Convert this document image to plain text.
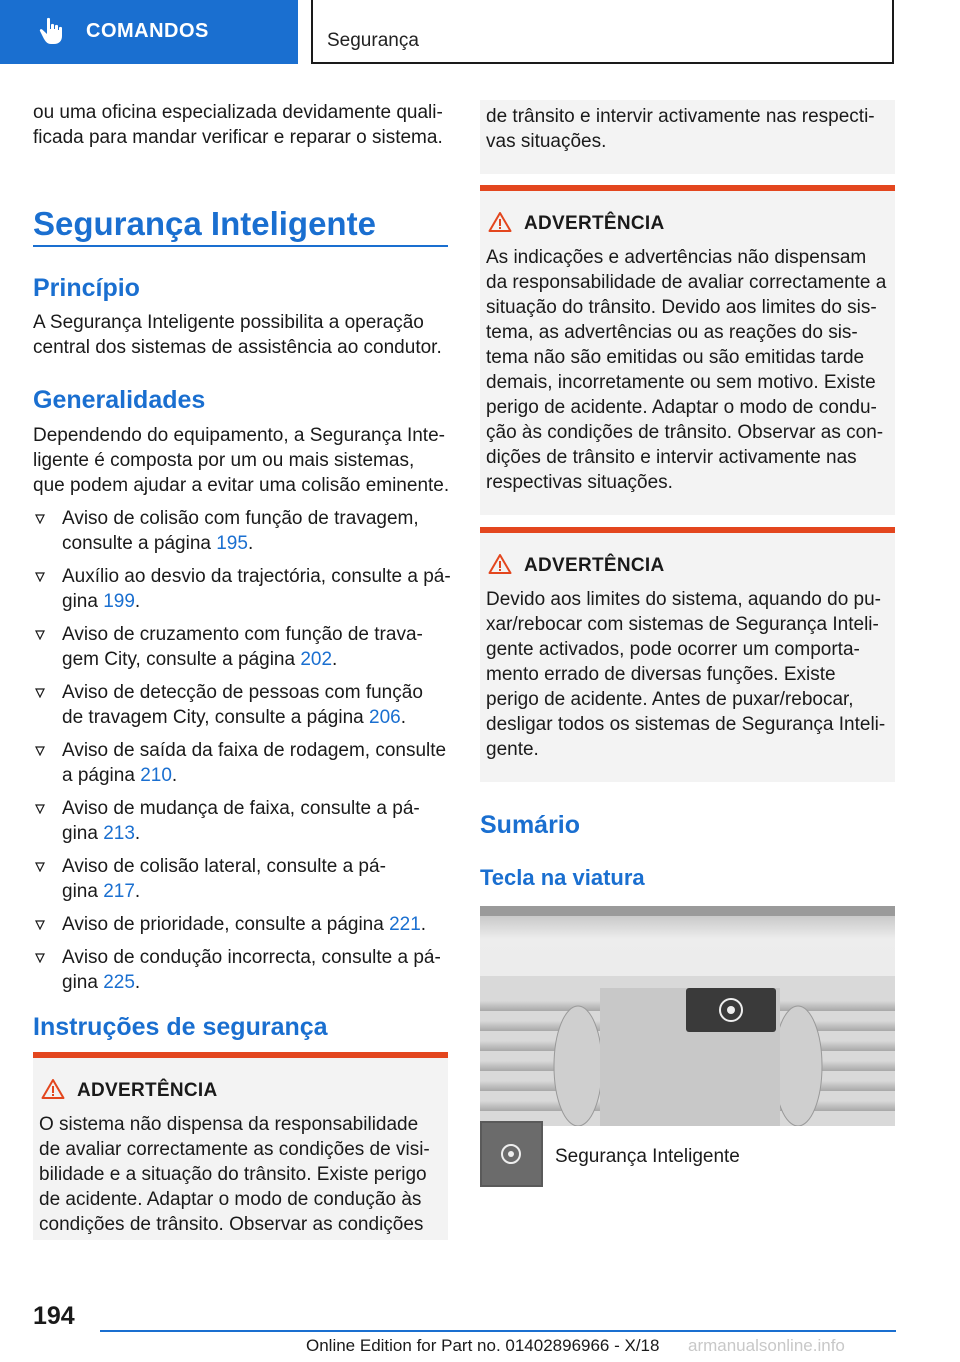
COMANDOS	Segurança

ou uma oficina especializada devidamente quali-

ficada para mandar verificar e reparar o sistema.

Segurança Inteligente
Princípio

A Segurança Inteligente possibilita a operação

central dos sistemas de assistência ao condutor.

Generalidades

Dependendo do equipamento, a Segurança Inte-

ligente é composta por um ou mais sistemas,

que podem ajudar a evitar uma colisão eminente.

Aviso de colisão com função de travagem,
consulte a página 195.
Auxílio ao desvio da trajectória, consulte a pá-
gina 199.
Aviso de cruzamento com função de trava-
gem City, consulte a página 202.
Aviso de detecção de pessoas com função
de travagem City, consulte a página 206.
Aviso de saída da faixa de rodagem, consulte
a página 210.
Aviso de mudança de faixa, consulte a pá-
gina 213.
Aviso de colisão lateral, consulte a pá-
gina 217.
Aviso de prioridade, consulte a página 221.
Aviso de condução incorrecta, consulte a pá-
gina 225.
Instruções de segurança
ADVERTÊNCIA

O sistema não dispensa da responsabilidade

de avaliar correctamente as condições de visi-

bilidade e a situação do trânsito. Existe perigo

de acidente. Adaptar o modo de condução às

condições de trânsito. Observar as condições

de trânsito e intervir activamente nas respecti-

vas situações.

ADVERTÊNCIA

As indicações e advertências não dispensam

da responsabilidade de avaliar correctamente a

situação do trânsito. Devido aos limites do sis-

tema, as advertências ou as reações do sis-

tema não são emitidas ou são emitidas tarde

demais, incorretamente ou sem motivo. Existe

perigo de acidente. Adaptar o modo de condu-

ção às condições de trânsito. Observar as con-

dições de trânsito e intervir activamente nas

respectivas situações.

ADVERTÊNCIA

Devido aos limites do sistema, aquando do pu-

xar/rebocar com sistemas de Segurança Inteli-

gente activados, pode ocorrer um comporta-

mento errado de diversas funções. Existe

perigo de acidente. Antes de puxar/rebocar,

desligar todos os sistemas de Segurança Inteli-

gente.

Sumário
Tecla na viatura
Segurança Inteligente
194
Online Edition for Part no. 01402896966 - X/18 armanualsonline.info
